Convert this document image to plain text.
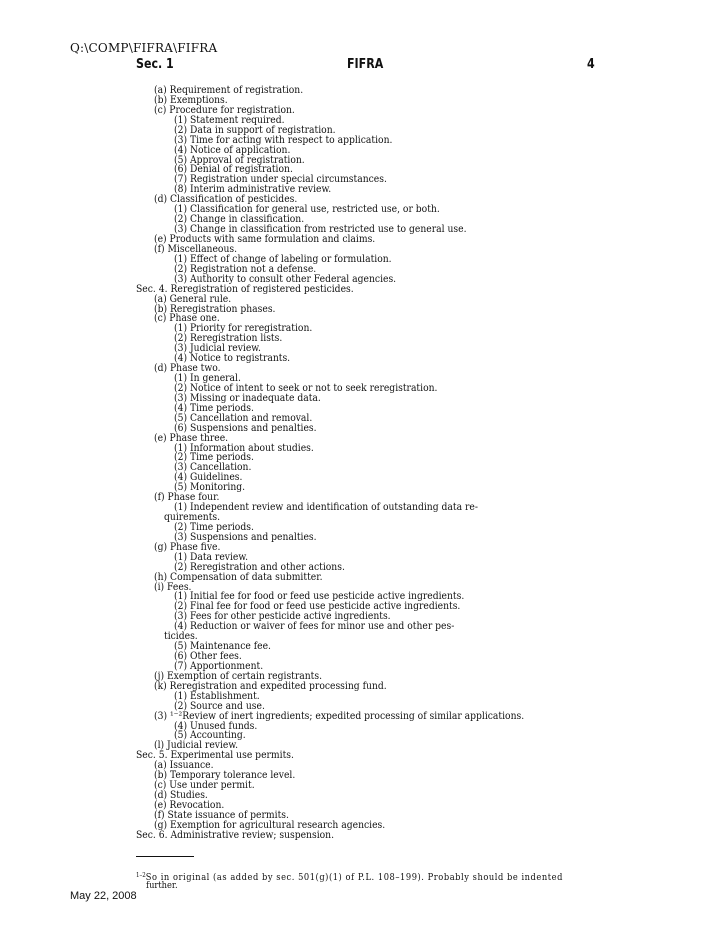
Q:\COMP\FIFRA\FIFRA
Sec. 1	FIFRA	4
(a) Requirement of registration.
(b) Exemptions.
(c) Procedure for registration.
(1) Statement required.
(2) Data in support of registration.
(3) Time for acting with respect to application.
(4) Notice of application.
(5) Approval of registration.
(6) Denial of registration.
(7) Registration under special circumstances.
(8) Interim administrative review.
(d) Classification of pesticides.
(1) Classification for general use, restricted use, or both.
(2) Change in classification.
(3) Change in classification from restricted use to general use.
(e) Products with same formulation and claims.
(f) Miscellaneous.
(1) Effect of change of labeling or formulation.
(2) Registration not a defense.
(3) Authority to consult other Federal agencies.
Sec. 4. Reregistration of registered pesticides.
(a) General rule.
(b) Reregistration phases.
(c) Phase one.
(1) Priority for reregistration.
(2) Reregistration lists.
(3) Judicial review.
(4) Notice to registrants.
(d) Phase two.
(1) In general.
(2) Notice of intent to seek or not to seek reregistration.
(3) Missing or inadequate data.
(4) Time periods.
(5) Cancellation and removal.
(6) Suspensions and penalties.
(e) Phase three.
(1) Information about studies.
(2) Time periods.
(3) Cancellation.
(4) Guidelines.
(5) Monitoring.
(f) Phase four.
(1) Independent review and identification of outstanding data re-
quirements.
(2) Time periods.
(3) Suspensions and penalties.
(g) Phase five.
(1) Data review.
(2) Reregistration and other actions.
(h) Compensation of data submitter.
(i) Fees.
(1) Initial fee for food or feed use pesticide active ingredients.
(2) Final fee for food or feed use pesticide active ingredients.
(3) Fees for other pesticide active ingredients.
(4) Reduction or waiver of fees for minor use and other pes-
ticides.
(5) Maintenance fee.
(6) Other fees.
(7) Apportionment.
(j) Exemption of certain registrants.
(k) Reregistration and expedited processing fund.
(1) Establishment.
(2) Source and use.
(3) ¹⁻²Review of inert ingredients; expedited processing of similar applications.
(4) Unused funds.
(5) Accounting.
(l) Judicial review.
Sec. 5. Experimental use permits.
(a) Issuance.
(b) Temporary tolerance level.
(c) Use under permit.
(d) Studies.
(e) Revocation.
(f) State issuance of permits.
(g) Exemption for agricultural research agencies.
Sec. 6. Administrative review; suspension.
$^{1-2}$So in original (as added by sec. 501(g)(1) of P.L. 108–199). Probably should be indented
further.
May 22, 2008
